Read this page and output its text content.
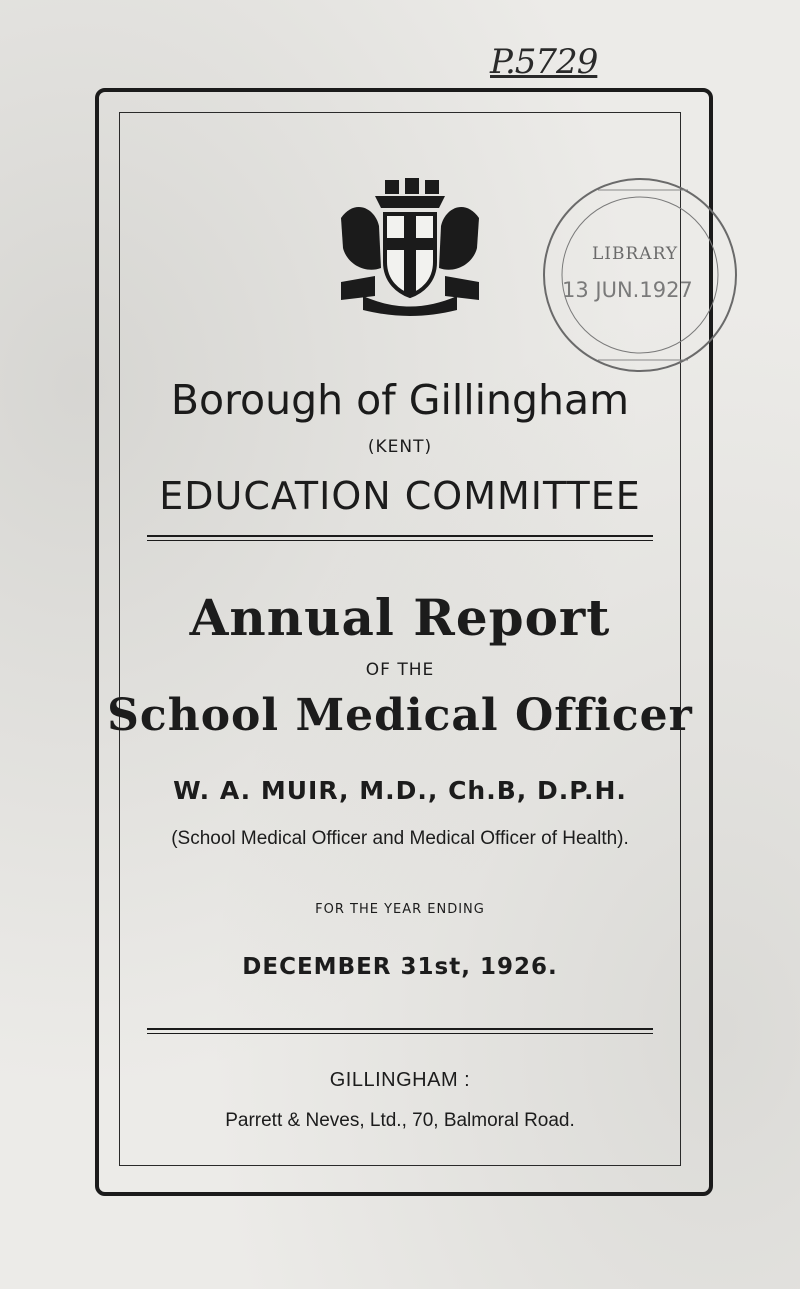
P.5729
LIBRARY
13 JUN.1927
Borough of Gillingham
(KENT)
EDUCATION COMMITTEE
Annual Report
OF THE
School Medical Officer
W. A. MUIR, M.D., Ch.B, D.P.H.
(School Medical Officer and Medical Officer of Health).
FOR THE YEAR ENDING
DECEMBER 31st, 1926.
GILLINGHAM :
Parrett & Neves, Ltd., 70, Balmoral Road.
